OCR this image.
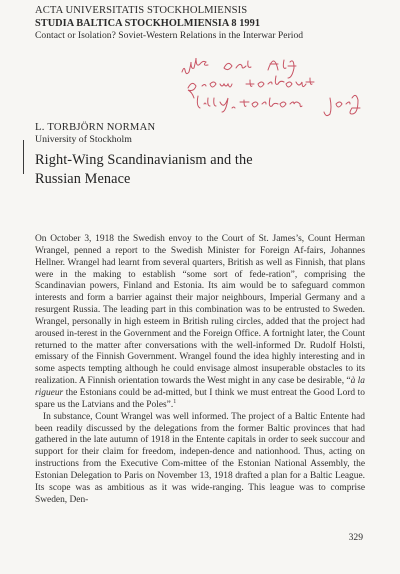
ACTA UNIVERSITATIS STOCKHOLMIENSIS
STUDIA BALTICA STOCKHOLMIENSIA 8 1991
Contact or Isolation? Soviet-Western Relations in the Interwar Period
L. TORBJÖRN NORMAN
University of Stockholm
Right-Wing Scandinavianism and the
Russian Menace

On October 3, 1918 the Swedish envoy to the Court of St. James’s, Count Herman Wrangel, penned a report to the Swedish Minister for Foreign Af-fairs, Johannes Hellner. Wrangel had learnt from several quarters, British as well as Finnish, that plans were in the making to establish “some sort of fede-ration”, comprising the Scandinavian powers, Finland and Estonia. Its aim would be to safeguard common interests and form a barrier against their major neighbours, Imperial Germany and a resurgent Russia. The leading part in this combination was to be entrusted to Sweden. Wrangel, personally in high esteem in British ruling circles, added that the project had aroused in-terest in the Government and the Foreign Office. A fortnight later, the Count returned to the matter after conversations with the well-informed Dr. Rudolf Holsti, emissary of the Finnish Government. Wrangel found the idea highly interesting and in some aspects tempting although he could envisage almost insuperable obstacles to its realization. A Finnish orientation towards the West might in any case be desirable, “à la rigueur the Estonians could be ad-mitted, but I think we must entreat the Good Lord to spare us the Latvians and the Poles”.$^1$

In substance, Count Wrangel was well informed. The project of a Baltic Entente had been readily discussed by the delegations from the former Baltic provinces that had gathered in the late autumn of 1918 in the Entente capitals in order to seek succour and support for their claim for freedom, indepen-dence and nationhood. Thus, acting on instructions from the Executive Com-mittee of the Estonian National Assembly, the Estonian Delegation to Paris on November 13, 1918 drafted a plan for a Baltic League. Its scope was as ambitious as it was wide-ranging. This league was to comprise Sweden, Den-

329
